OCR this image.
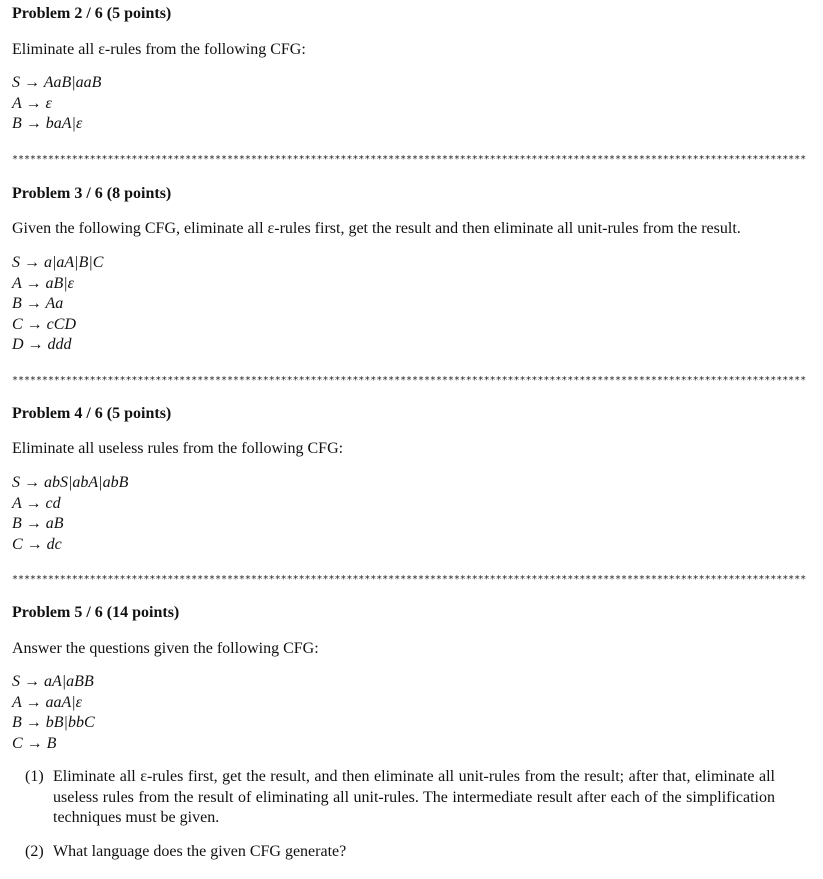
Problem 2 / 6 (5 points)
Eliminate all ε-rules from the following CFG:
S → AaB|aaB
A → ε
B → baA|ε
*************************************************************************************************************************************
Problem 3 / 6 (8 points)
Given the following CFG, eliminate all ε-rules first, get the result and then eliminate all unit-rules from the result.
S → a|aA|B|C
A → aB|ε
B → Aa
C → cCD
D → ddd
*************************************************************************************************************************************
Problem 4 / 6 (5 points)
Eliminate all useless rules from the following CFG:
S → abS|abA|abB
A → cd
B → aB
C → dc
*************************************************************************************************************************************
Problem 5 / 6 (14 points)
Answer the questions given the following CFG:
S → aA|aBB
A → aaA|ε
B → bB|bbC
C → B
(1) Eliminate all ε-rules first, get the result, and then eliminate all unit-rules from the result; after that, eliminate all useless rules from the result of eliminating all unit-rules. The intermediate result after each of the simplification techniques must be given.
(2) What language does the given CFG generate?
